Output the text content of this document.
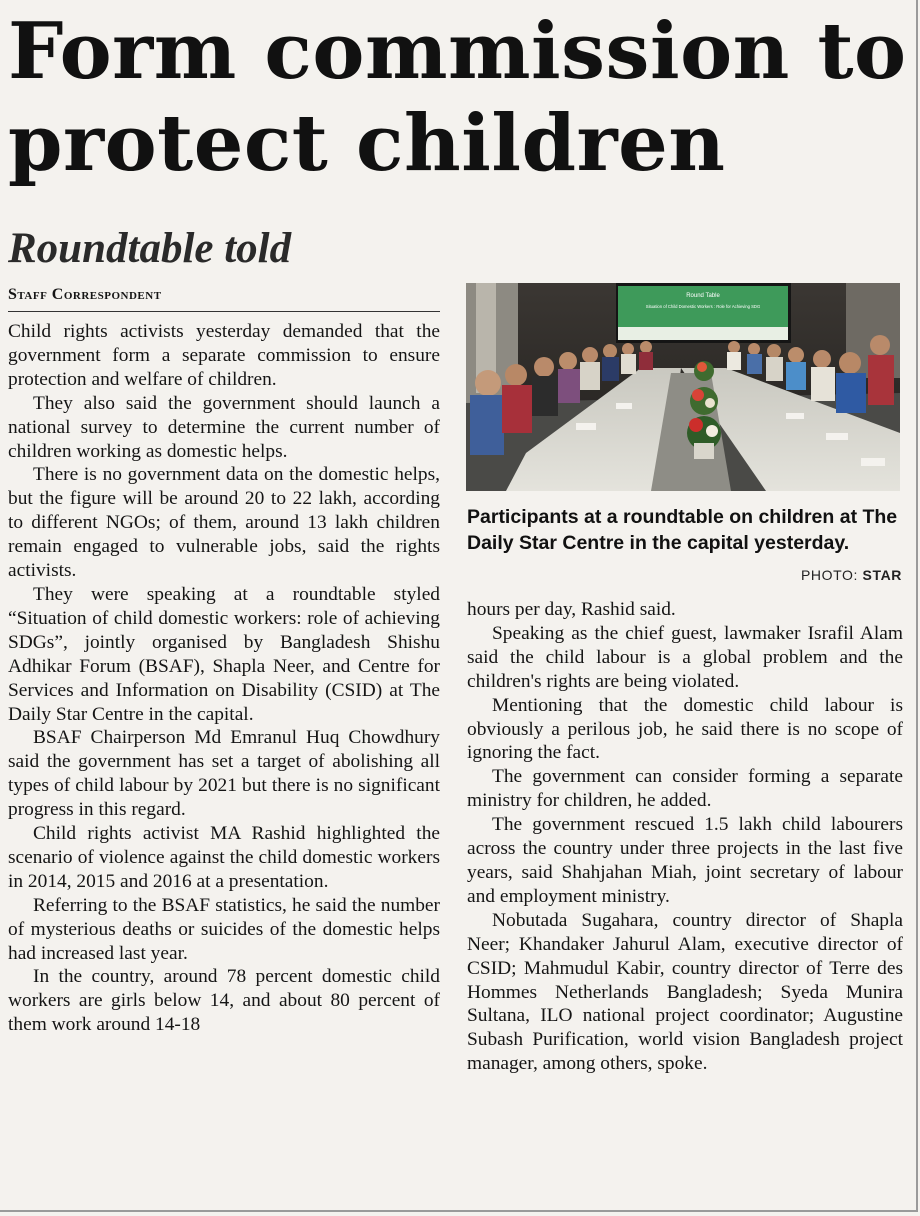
Form commission to protect children
Roundtable told
Staff Correspondent

Child rights activists yesterday demanded that the government form a separate commission to ensure protection and welfare of children.

They also said the government should launch a national survey to determine the current number of children working as domestic helps.

There is no government data on the domestic helps, but the figure will be around 20 to 22 lakh, according to different NGOs; of them, around 13 lakh children remain engaged to vulnerable jobs, said the rights activists.

They were speaking at a roundtable styled “Situation of child domestic workers: role of achieving SDGs”, jointly organised by Bangladesh Shishu Adhikar Forum (BSAF), Shapla Neer, and Centre for Services and Information on Disability (CSID) at The Daily Star Centre in the capital.

BSAF Chairperson Md Emranul Huq Chowdhury said the government has set a target of abolishing all types of child labour by 2021 but there is no significant progress in this regard.

Child rights activist MA Rashid highlighted the scenario of violence against the child domestic workers in 2014, 2015 and 2016 at a presentation.

Referring to the BSAF statistics, he said the number of mysterious deaths or suicides of the domestic helps had increased last year.

In the country, around 78 percent domestic child workers are girls below 14, and about 80 percent of them work around 14-18

Round Table
Situation of Child Domestic Workers : Role for Achieving SDG
Participants at a roundtable on children at The Daily Star Centre in the capital yesterday.
PHOTO: STAR

hours per day, Rashid said.

Speaking as the chief guest, lawmaker Israfil Alam said the child labour is a global problem and the children's rights are being violated.

Mentioning that the domestic child labour is obviously a perilous job, he said there is no scope of ignoring the fact.

The government can consider forming a separate ministry for children, he added.

The government rescued 1.5 lakh child labourers across the country under three projects in the last five years, said Shahjahan Miah, joint secretary of labour and employment ministry.

Nobutada Sugahara, country director of Shapla Neer; Khandaker Jahurul Alam, executive director of CSID; Mahmudul Kabir, country director of Terre des Hommes Netherlands Bangladesh; Syeda Munira Sultana, ILO national project coordinator; Augustine Subash Purification, world vision Bangladesh project manager, among others, spoke.
